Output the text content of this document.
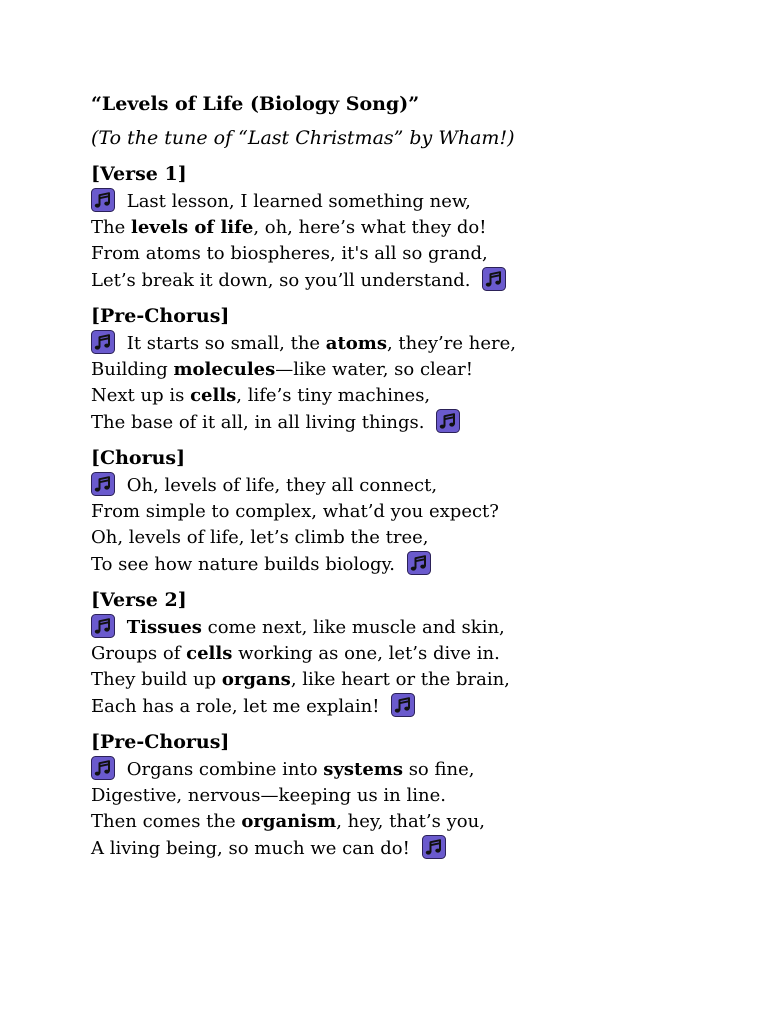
“Levels of Life (Biology Song)”

(To the tune of “Last Christmas” by Wham!)

[Verse 1]
Last lesson, I learned something new,
The levels of life, oh, here’s what they do!
From atoms to biospheres, it's all so grand,
Let’s break it down, so you’ll understand.
[Pre-Chorus]
It starts so small, the atoms, they’re here,
Building molecules—like water, so clear!
Next up is cells, life’s tiny machines,
The base of it all, in all living things.
[Chorus]
Oh, levels of life, they all connect,
From simple to complex, what’d you expect?
Oh, levels of life, let’s climb the tree,
To see how nature builds biology.
[Verse 2]
Tissues come next, like muscle and skin,
Groups of cells working as one, let’s dive in.
They build up organs, like heart or the brain,
Each has a role, let me explain!
[Pre-Chorus]
Organs combine into systems so fine,
Digestive, nervous—keeping us in line.
Then comes the organism, hey, that’s you,
A living being, so much we can do!
